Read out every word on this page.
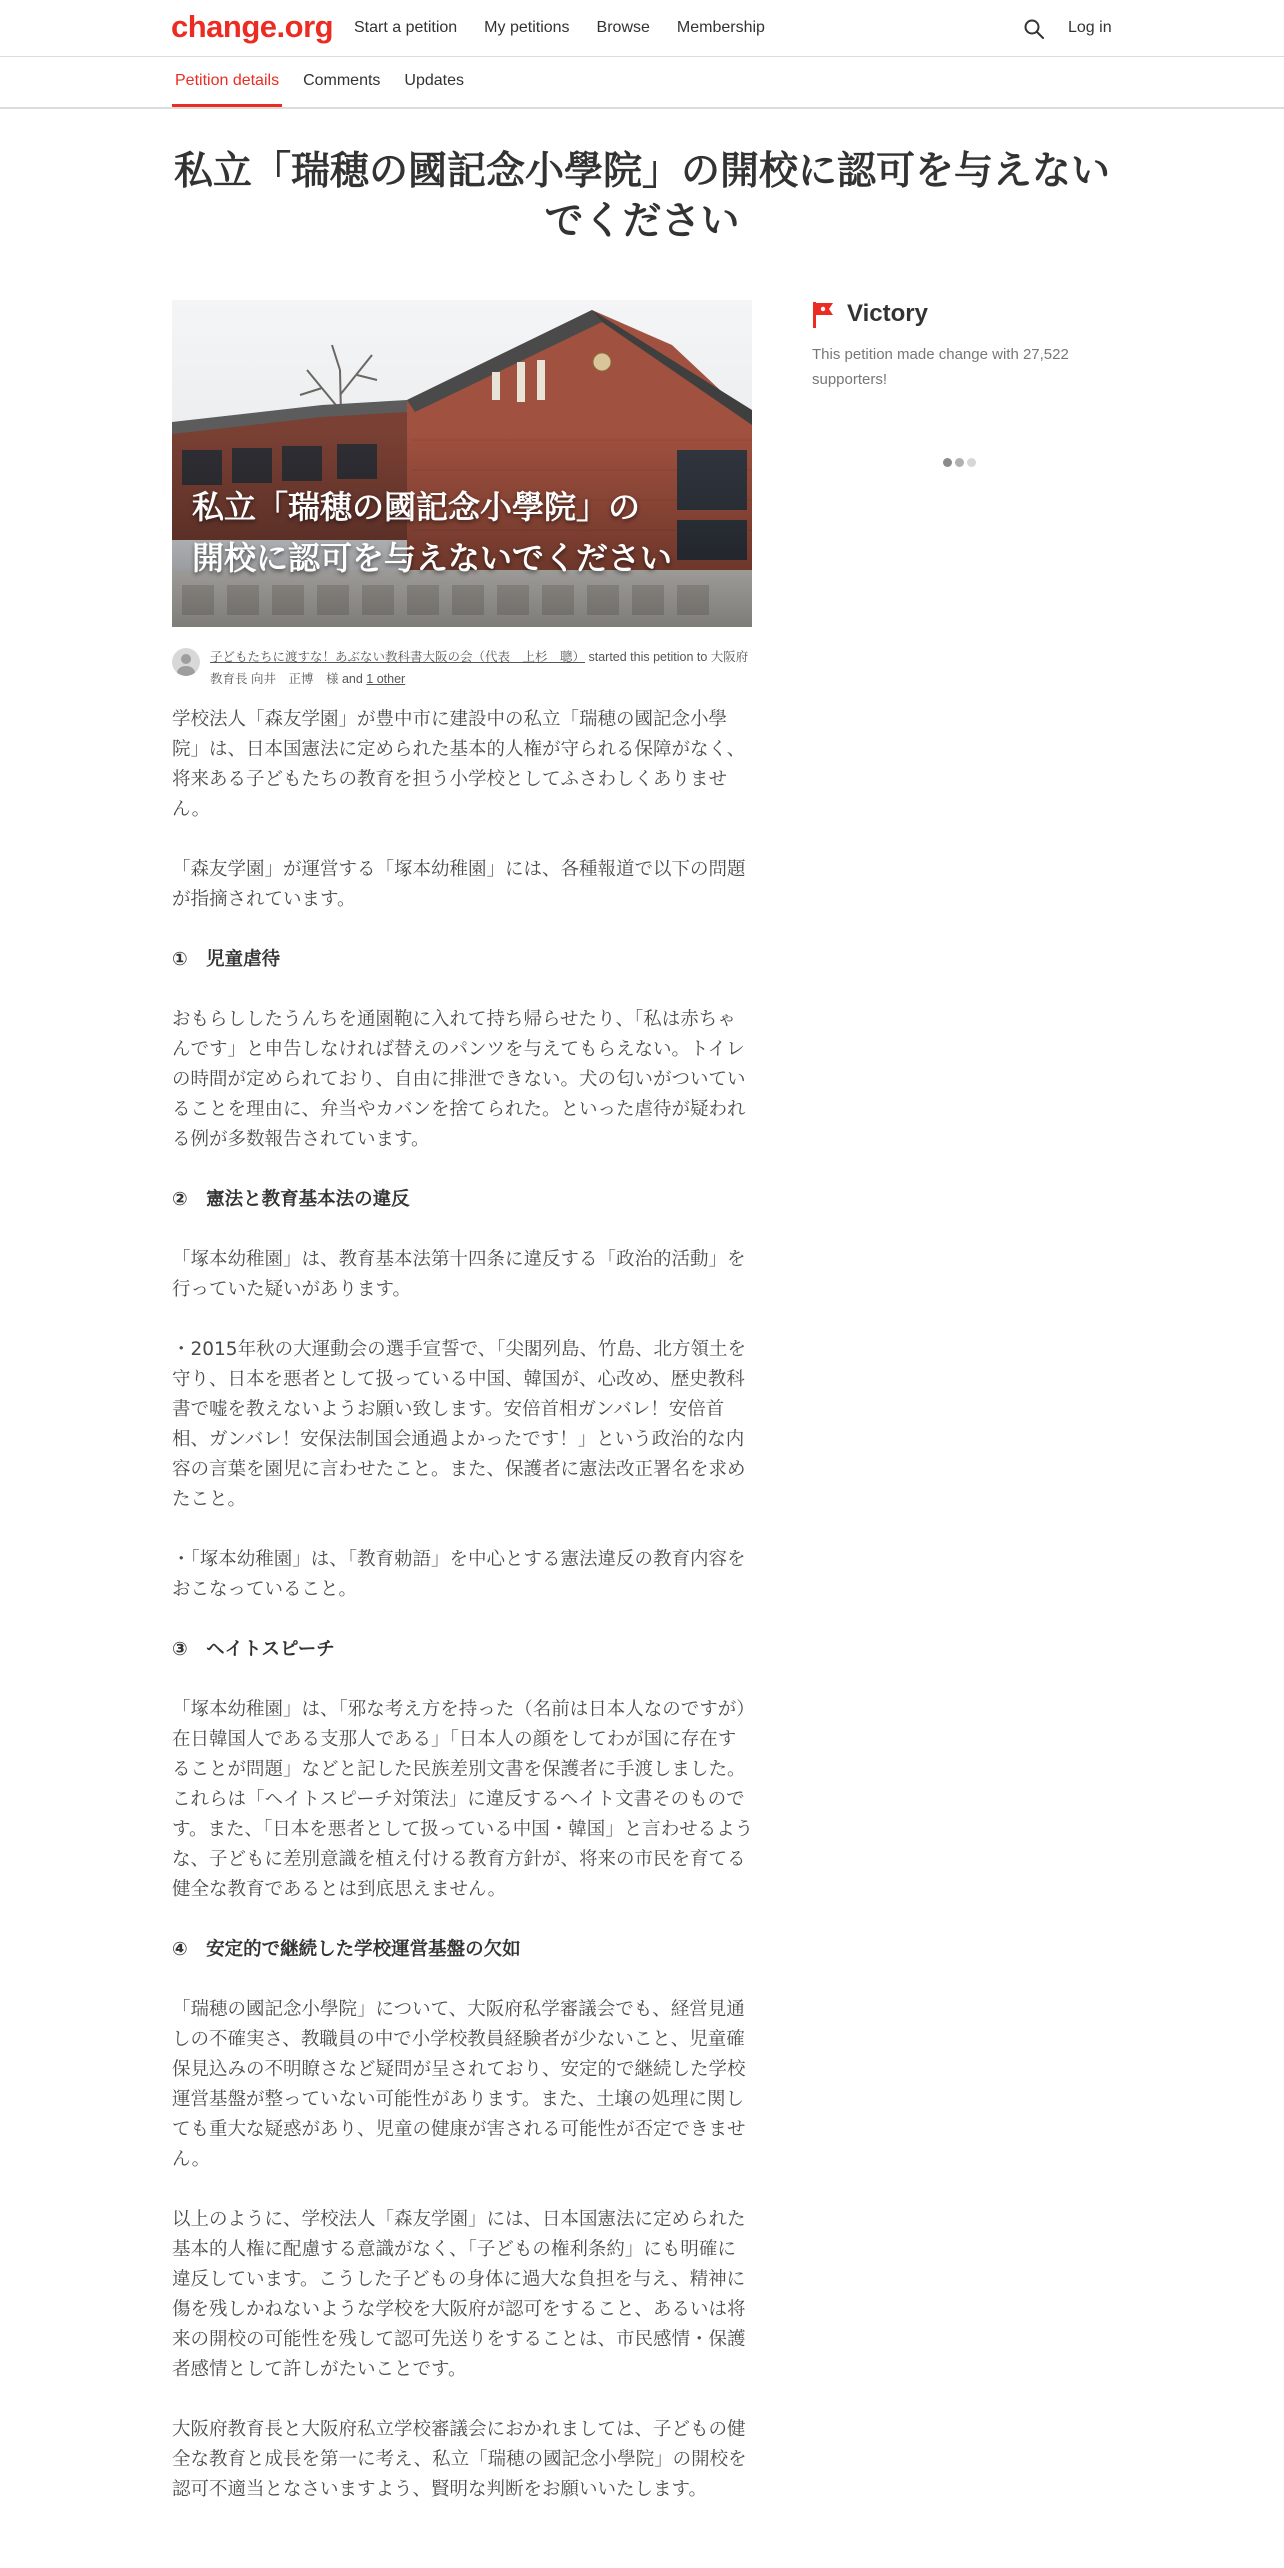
change.org Start a petition My petitions Browse Membership	Log in
Petition details Comments Updates
私立「瑞穂の國記念小學院」の開校に認可を与えない
でください
私立「瑞穂の國記念小學院」の
開校に認可を与えないでください
子どもたちに渡すな！あぶない教科書大阪の会（代表　上杉　聰） started this petition to 大阪府教育長 向井　正博　様 and 1 other

学校法人「森友学園」が豊中市に建設中の私立「瑞穂の國記念小學院」は、日本国憲法に定められた基本的人権が守られる保障がなく、将来ある子どもたちの教育を担う小学校としてふさわしくありません。

「森友学園」が運営する「塚本幼稚園」には、各種報道で以下の問題が指摘されています。

①　児童虐待

おもらししたうんちを通園鞄に入れて持ち帰らせたり、「私は赤ちゃんです」と申告しなければ替えのパンツを与えてもらえない。トイレの時間が定められており、自由に排泄できない。犬の匂いがついていることを理由に、弁当やカバンを捨てられた。といった虐待が疑われる例が多数報告されています。

②　憲法と教育基本法の違反

「塚本幼稚園」は、教育基本法第十四条に違反する「政治的活動」を行っていた疑いがあります。

・2015年秋の大運動会の選手宣誓で、「尖閣列島、竹島、北方領土を守り、日本を悪者として扱っている中国、韓国が、心改め、歴史教科書で嘘を教えないようお願い致します。安倍首相ガンバレ！安倍首相、ガンバレ！安保法制国会通過よかったです！」という政治的な内容の言葉を園児に言わせたこと。また、保護者に憲法改正署名を求めたこと。

・「塚本幼稚園」は、「教育勅語」を中心とする憲法違反の教育内容をおこなっていること。

③　ヘイトスピーチ

「塚本幼稚園」は、「邪な考え方を持った（名前は日本人なのですが）在日韓国人である支那人である」「日本人の顔をしてわが国に存在することが問題」などと記した民族差別文書を保護者に手渡しました。これらは「ヘイトスピーチ対策法」に違反するヘイト文書そのものです。また、「日本を悪者として扱っている中国・韓国」と言わせるような、子どもに差別意識を植え付ける教育方針が、将来の市民を育てる健全な教育であるとは到底思えません。

④　安定的で継続した学校運営基盤の欠如

「瑞穂の國記念小學院」について、大阪府私学審議会でも、経営見通しの不確実さ、教職員の中で小学校教員経験者が少ないこと、児童確保見込みの不明瞭さなど疑問が呈されており、安定的で継続した学校運営基盤が整っていない可能性があります。また、土壌の処理に関しても重大な疑惑があり、児童の健康が害される可能性が否定できません。

以上のように、学校法人「森友学園」には、日本国憲法に定められた基本的人権に配慮する意識がなく、「子どもの権利条約」にも明確に違反しています。こうした子どもの身体に過大な負担を与え、精神に傷を残しかねないような学校を大阪府が認可をすること、あるいは将来の開校の可能性を残して認可先送りをすることは、市民感情・保護者感情として許しがたいことです。

大阪府教育長と大阪府私立学校審議会におかれましては、子どもの健全な教育と成長を第一に考え、私立「瑞穂の國記念小學院」の開校を認可不適当となさいますよう、賢明な判断をお願いいたします。

Victory
This petition made change with 27,522 supporters!
